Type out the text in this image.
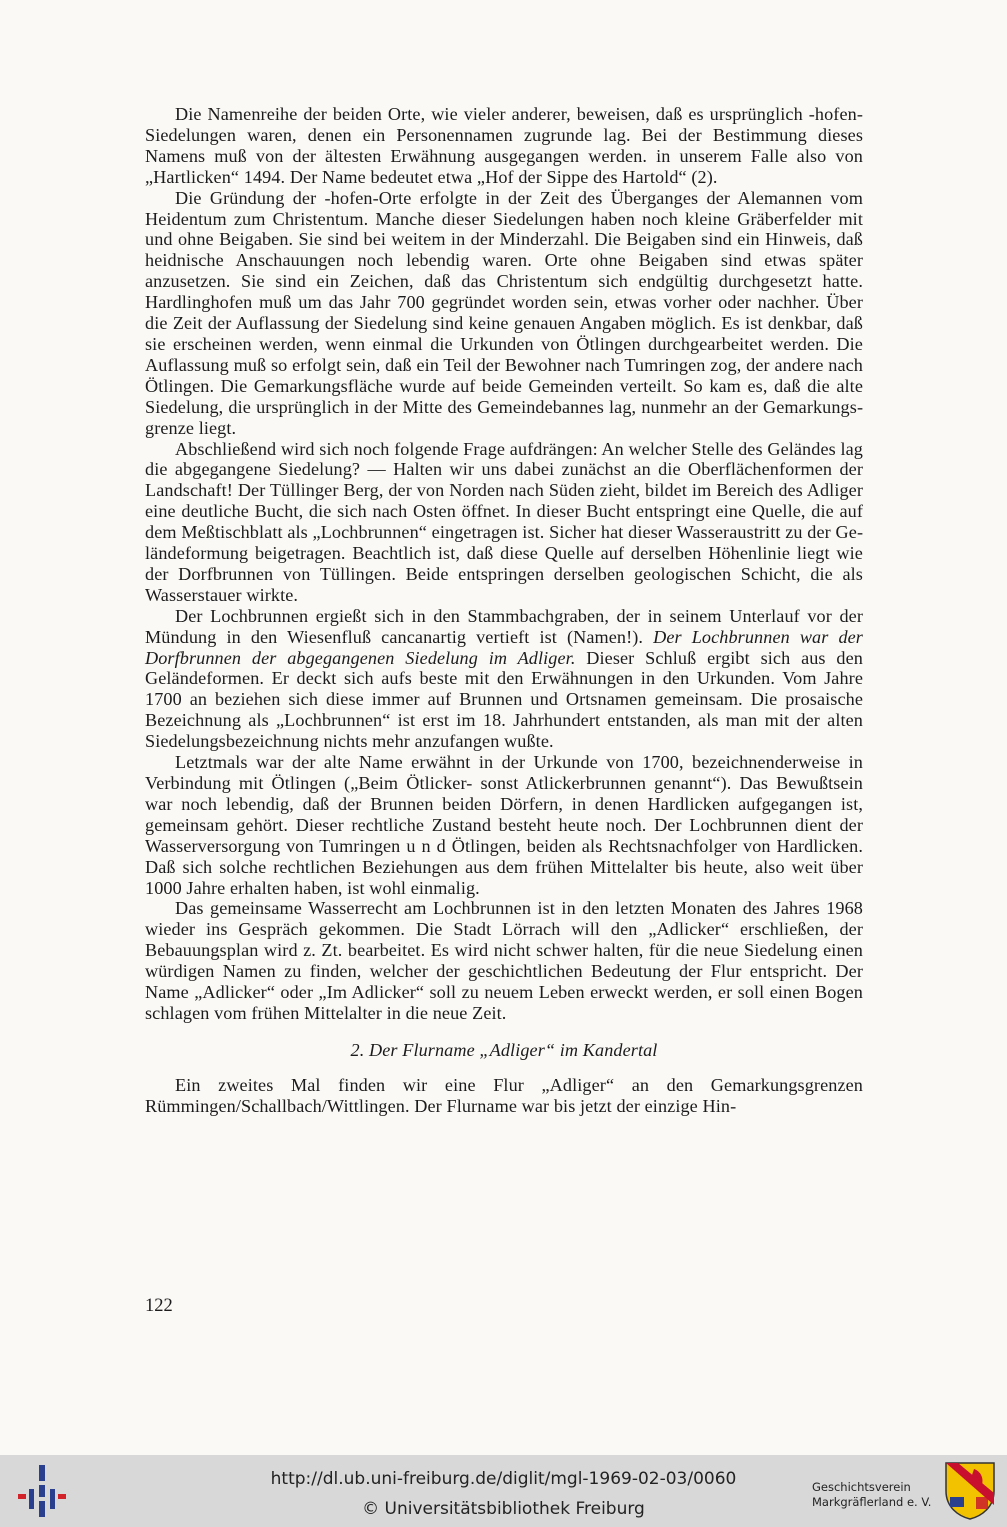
Die Namenreihe der beiden Orte, wie vieler anderer, beweisen, daß es ursprünglich -hofen-Siedelungen waren, denen ein Personennamen zugrunde lag. Bei der Bestimmung dieses Namens muß von der ältesten Erwähnung ausgegangen werden. in unserem Falle also von „Hartlicken“ 1494. Der Name bedeutet etwa „Hof der Sippe des Hartold“ (2).

Die Gründung der -hofen-Orte erfolgte in der Zeit des Überganges der Alemannen vom Heidentum zum Christentum. Manche dieser Siedelungen haben noch kleine Gräberfelder mit und ohne Beigaben. Sie sind bei weitem in der Minderzahl. Die Beigaben sind ein Hinweis, daß heidnische Anschauungen noch lebendig waren. Orte ohne Beigaben sind etwas später anzusetzen. Sie sind ein Zeichen, daß das Christentum sich endgültig durchgesetzt hatte. Hardlinghofen muß um das Jahr 700 gegründet worden sein, etwas vorher oder nachher. Über die Zeit der Auflassung der Siedelung sind keine genauen Angaben möglich. Es ist denkbar, daß sie erscheinen werden, wenn einmal die Urkunden von Ötlingen durchgearbeitet werden. Die Auflassung muß so erfolgt sein, daß ein Teil der Bewohner nach Tumringen zog, der andere nach Ötlingen. Die Gemarkungsfläche wurde auf beide Gemeinden verteilt. So kam es, daß die alte Siedelung, die ursprünglich in der Mitte des Gemeindebannes lag, nunmehr an der Gemarkungsgrenze liegt.

Abschließend wird sich noch folgende Frage aufdrängen: An welcher Stelle des Geländes lag die abgegangene Siedelung? — Halten wir uns dabei zunächst an die Oberflächenformen der Landschaft! Der Tüllinger Berg, der von Norden nach Süden zieht, bildet im Bereich des Adliger eine deutliche Bucht, die sich nach Osten öffnet. In dieser Bucht entspringt eine Quelle, die auf dem Meßtischblatt als „Lochbrunnen“ eingetragen ist. Sicher hat dieser Wasseraustritt zu der Geländeformung beigetragen. Beachtlich ist, daß diese Quelle auf derselben Höhenlinie liegt wie der Dorfbrunnen von Tüllingen. Beide entspringen derselben geologischen Schicht, die als Wasserstauer wirkte.

Der Lochbrunnen ergießt sich in den Stammbachgraben, der in seinem Unterlauf vor der Mündung in den Wiesenfluß cancanartig vertieft ist (Namen!). Der Lochbrunnen war der Dorfbrunnen der abgegangenen Siedelung im Adliger. Dieser Schluß ergibt sich aus den Geländeformen. Er deckt sich aufs beste mit den Erwähnungen in den Urkunden. Vom Jahre 1700 an beziehen sich diese immer auf Brunnen und Ortsnamen gemeinsam. Die prosaische Bezeichnung als „Lochbrunnen“ ist erst im 18. Jahrhundert entstanden, als man mit der alten Siedelungsbezeichnung nichts mehr anzufangen wußte.

Letztmals war der alte Name erwähnt in der Urkunde von 1700, bezeichnenderweise in Verbindung mit Ötlingen („Beim Ötlicker- sonst Atlickerbrunnen genannt“). Das Bewußtsein war noch lebendig, daß der Brunnen beiden Dörfern, in denen Hardlicken aufgegangen ist, gemeinsam gehört. Dieser rechtliche Zustand besteht heute noch. Der Lochbrunnen dient der Wasserversorgung von Tumringen u n d Ötlingen, beiden als Rechtsnachfolger von Hardlicken. Daß sich solche rechtlichen Beziehungen aus dem frühen Mittelalter bis heute, also weit über 1000 Jahre erhalten haben, ist wohl einmalig.

Das gemeinsame Wasserrecht am Lochbrunnen ist in den letzten Monaten des Jahres 1968 wieder ins Gespräch gekommen. Die Stadt Lörrach will den „Adlicker“ erschließen, der Bebauungsplan wird z. Zt. bearbeitet. Es wird nicht schwer halten, für die neue Siedelung einen würdigen Namen zu finden, welcher der geschichtlichen Bedeutung der Flur entspricht. Der Name „Adlicker“ oder „Im Adlicker“ soll zu neuem Leben erweckt werden, er soll einen Bogen schlagen vom frühen Mittelalter in die neue Zeit.

2. Der Flurname „Adliger“ im Kandertal

Ein zweites Mal finden wir eine Flur „Adliger“ an den Gemarkungsgrenzen Rümmingen/Schallbach/Wittlingen. Der Flurname war bis jetzt der einzige Hin-

122
http://dl.ub.uni-freiburg.de/diglit/mgl-1969-02-03/0060
© Universitätsbibliothek Freiburg
Geschichtsverein
Markgräflerland e. V.
